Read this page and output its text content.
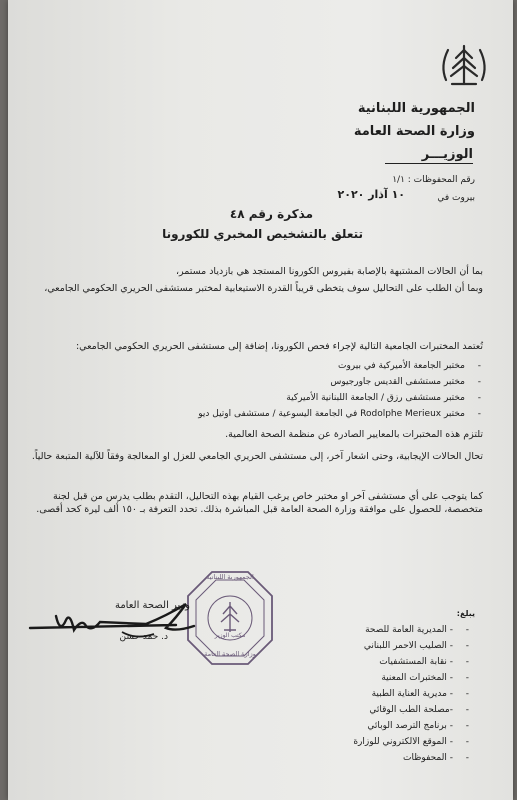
الجمهورية اللبنانية
وزارة الصحة العامة
الوزيـــر
رقم المحفوظات : ١/١
بيروت في
١٠ آذار ٢٠٢٠
مذكرة رقم ٤٨
تتعلق بالتشخيص المخبري للكورونا
بما أن الحالات المشتبهة بالإصابة بفيروس الكورونا المستجد هي بازدياد مستمر،
وبما أن الطلب على التحاليل سوف يتخطى قريباً القدرة الاستيعابية لمختبر مستشفى الحريري الحكومي الجامعي،
تُعتمد المختبرات الجامعية التالية لإجراء فحص الكورونا، إضافة إلى مستشفى الحريري الحكومي الجامعي:
- مختبر الجامعة الأميركية في بيروت
- مختبر مستشفى القديس جاورجيوس
- مختبر مستشفى رزق / الجامعة اللبنانية الأميركية
- مختبر Rodolphe Merieux في الجامعة اليسوعية / مستشفى اوتيل ديو
تلتزم هذه المختبرات بالمعايير الصادرة عن منظمة الصحة العالمية.
تحال الحالات الإيجابية، وحتى اشعار آخر، إلى مستشفى الحريري الجامعي للعزل او المعالجة وفقاً للآلية المتبعة حالياً.
كما يتوجب على أي مستشفى آخر او مختبر خاص يرغب القيام بهذه التحاليل، التقدم بطلب يدرس من قبل لجنة متخصصة، للحصول على موافقة وزارة الصحة العامة قبل المباشرة بذلك. تحدد التعرفة بـ ١٥٠ ألف ليرة كحد أقصى.
الجمهورية اللبنانية
مكتب الوزير
وزارة الصحة العامة
وزير الصحة العامة
د. حمد حسن
يبلغ:
- - المديرية العامة للصحة
- - الصليب الاحمر اللبناني
- - نقابة المستشفيات
- - المختبرات المعنية
- - مديرية العناية الطبية
- -مصلحة الطب الوقائي
- - برنامج الترصد الوبائي
- - الموقع الالكتروني للوزارة
- - المحفوظات
